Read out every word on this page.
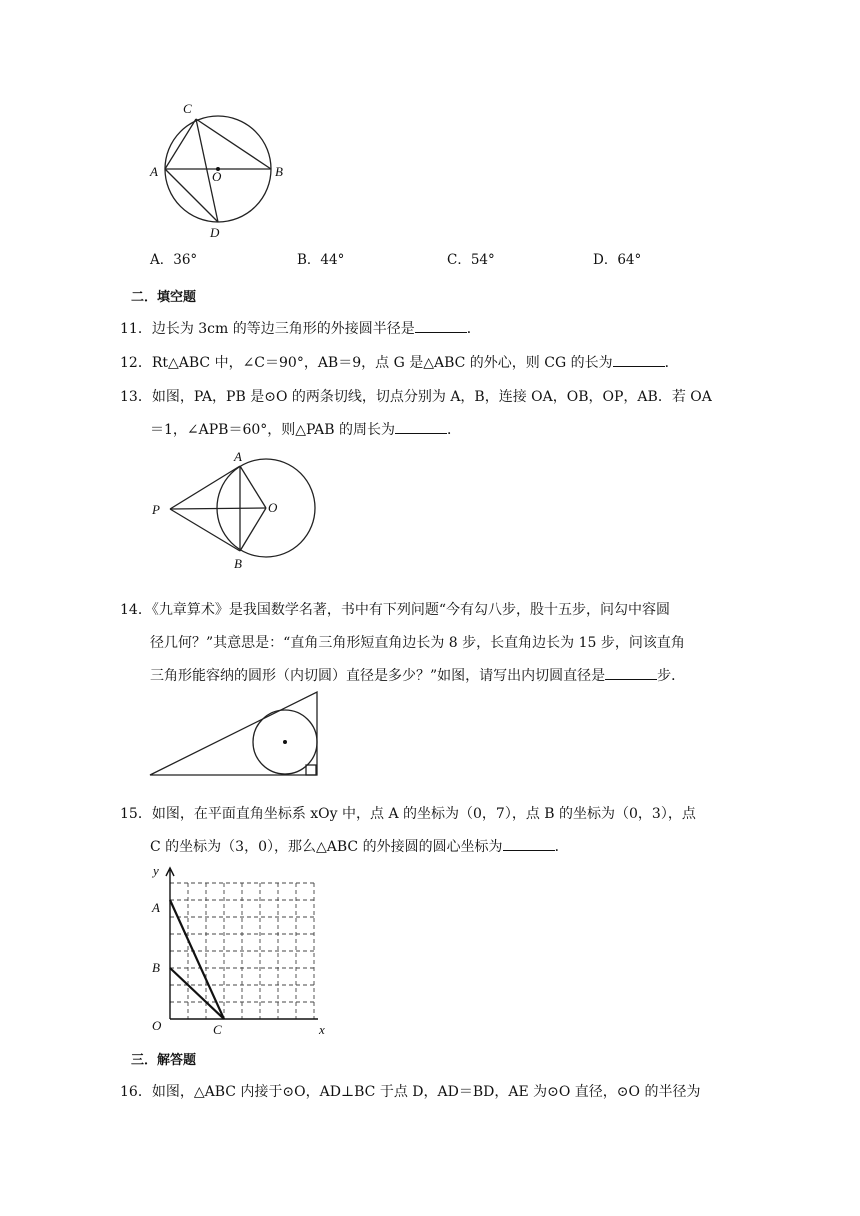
C
A	O	B
D
A．36°	B．44°	C．54°	D．64°
二．填空题
11．边长为 3cm 的等边三角形的外接圆半径是	．
12．Rt△ABC 中，∠C＝90°，AB＝9，点 G 是△ABC 的外心，则 CG 的长为	．
13．如图，PA，PB 是⊙O 的两条切线，切点分别为 A，B，连接 OA，OB，OP，AB．若 OA
＝1，∠APB＝60°，则△PAB 的周长为	．
A
P	O
B
14．《九章算术》是我国数学名著，书中有下列问题“今有勾八步，股十五步，问勾中容圆
径几何？”其意思是：“直角三角形短直角边长为 8 步，长直角边长为 15 步，问该直角
三角形能容纳的圆形（内切圆）直径是多少？”如图，请写出内切圆直径是	步．
15．如图，在平面直角坐标系 xOy 中，点 A 的坐标为（0，7），点 B 的坐标为（0，3），点
C 的坐标为（3，0），那么△ABC 的外接圆的圆心坐标为	．
y
A
B
O	C	x
三．解答题
16．如图，△ABC 内接于⊙O，AD⊥BC 于点 D，AD＝BD，AE 为⊙O 直径，⊙O 的半径为
